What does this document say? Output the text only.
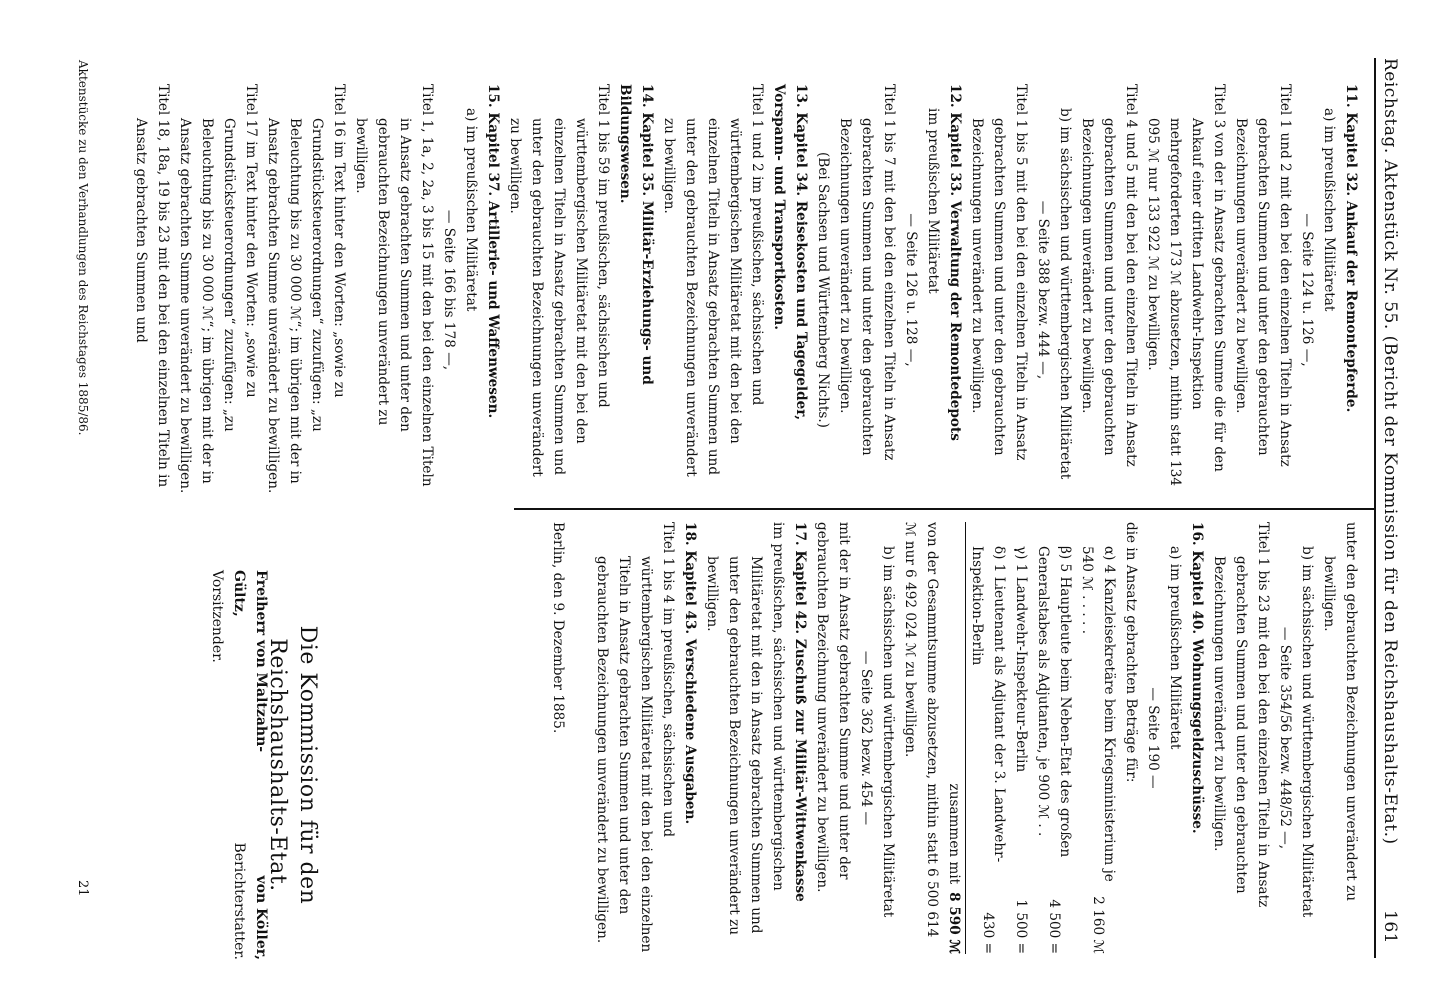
Reichstag. Aktenstück Nr. 55. (Bericht der Kommission für den Reichshaushalts-Etat.)
161

11. Kapitel 32. Ankauf der Remontepferde.

a) im preußischen Militäretat

— Seite 124 u. 126 —,

Titel 1 und 2 mit den bei den einzelnen Titeln in Ansatz gebrachten Summen und unter den gebrauchten Bezeichnungen unverändert zu bewilligen.

Titel 3 von der in Ansatz gebrachten Summe die für den Ankauf einer dritten Landwehr-Inspektion mehrgeforderten 173 ℳ abzusetzen, mithin statt 134 095 ℳ nur 133 922 ℳ zu bewilligen.

Titel 4 und 5 mit den bei den einzelnen Titeln in Ansatz gebrachten Summen und unter den gebrauchten Bezeichnungen unverändert zu bewilligen.

b) im sächsischen und württembergischen Militäretat

— Seite 388 bezw. 444 —,

Titel 1 bis 5 mit den bei den einzelnen Titeln in Ansatz gebrachten Summen und unter den gebrauchten Bezeichnungen unverändert zu bewilligen.

12. Kapitel 33. Verwaltung der Remontedepots

im preußischen Militäretat

— Seite 126 u. 128 —,

Titel 1 bis 7 mit den bei den einzelnen Titeln in Ansatz gebrachten Summen und unter den gebrauchten Bezeichnungen unverändert zu bewilligen.

(Bei Sachsen und Württemberg Nichts.)

13. Kapitel 34. Reisekosten und Tagegelder, Vorspann- und Transportkosten.

Titel 1 und 2 im preußischen, sächsischen und württembergischen Militäretat mit den bei den einzelnen Titeln in Ansatz gebrachten Summen und unter den gebrauchten Bezeichnungen unverändert zu bewilligen.

14. Kapitel 35. Militär-Erziehungs- und Bildungswesen.

Titel 1 bis 59 im preußischen, sächsischen und württembergischen Militäretat mit den bei den einzelnen Titeln in Ansatz gebrachten Summen und unter den gebrauchten Bezeichnungen unverändert zu bewilligen.

15. Kapitel 37. Artillerie- und Waffenwesen.

a) im preußischen Militäretat

— Seite 166 bis 178 —,

Titel 1, 1a, 2, 2a, 3 bis 15 mit den bei den einzelnen Titeln in Ansatz gebrachten Summen und unter den gebrauchten Bezeichnungen unverändert zu bewilligen.

Titel 16 im Text hinter den Worten: „sowie zu Grundstücksteuerordnungen“ zuzufügen: „zu Beleuchtung bis zu 30 000 ℳ“; im übrigen mit der in Ansatz gebrachten Summe unverändert zu bewilligen.

Titel 17 im Text hinter den Worten: „sowie zu Grundstücksteuerordnungen“ zuzufügen: „zu Beleuchtung bis zu 30 000 ℳ“; im übrigen mit der in Ansatz gebrachten Summe unverändert zu bewilligen.

Titel 18, 18a, 19 bis 23 mit den bei den einzelnen Titeln in Ansatz gebrachten Summen und

unter den gebrauchten Bezeichnungen unverändert zu bewilligen.

b) im sächsischen und württembergischen Militäretat

— Seite 354/56 bezw. 448/52 —,

Titel 1 bis 23 mit den bei den einzelnen Titeln in Ansatz gebrachten Summen und unter den gebrauchten Bezeichnungen unverändert zu bewilligen.

16. Kapitel 40. Wohnungsgeldzuschüsse.

a) im preußischen Militäretat

— Seite 190 —

die in Ansatz gebrachten Beträge für:

α) 4 Kanzleisekretäre beim Kriegsministerium je 540 ℳ . . . . .	2 160 ℳ
β) 5 Hauptleute beim Neben-Etat des großen Generalstabes als Adjutanten, je 900 ℳ . .	4 500 =
γ) 1 Landwehr-Inspekteur-Berlin	1 500 =
δ) 1 Lieutenant als Adjutant der 3. Landwehr-Inspektion-Berlin	430 =
zusammen mit	8 590 ℳ

von der Gesammtsumme abzusetzen, mithin statt 6 500 614 ℳ nur 6 492 024 ℳ zu bewilligen.

b) im sächsischen und württembergischen Militäretat

— Seite 362 bezw. 454 —

mit der in Ansatz gebrachten Summe und unter der gebrauchten Bezeichnung unverändert zu bewilligen.

17. Kapitel 42. Zuschuß zur Militär-Wittwenkasse

im preußischen, sächsischen und württembergischen Militäretat mit den in Ansatz gebrachten Summen und unter den gebrauchten Bezeichnungen unverändert zu bewilligen.

18. Kapitel 43. Verschiedene Ausgaben.

Titel 1 bis 4 im preußischen, sächsischen und württembergischen Militäretat mit den bei den einzelnen Titeln in Ansatz gebrachten Summen und unter den gebrauchten Bezeichnungen unverändert zu bewilligen.

Berlin, den 9. Dezember 1885.

Die Kommission für den Reichshaushalts-Etat.
Freiherr von Maltzahn-Gültz,
Vorsitzender.
von Köller,
Berichterstatter.
Aktenstücke zu den Verhandlungen des Reichstages 1885/86.
21
